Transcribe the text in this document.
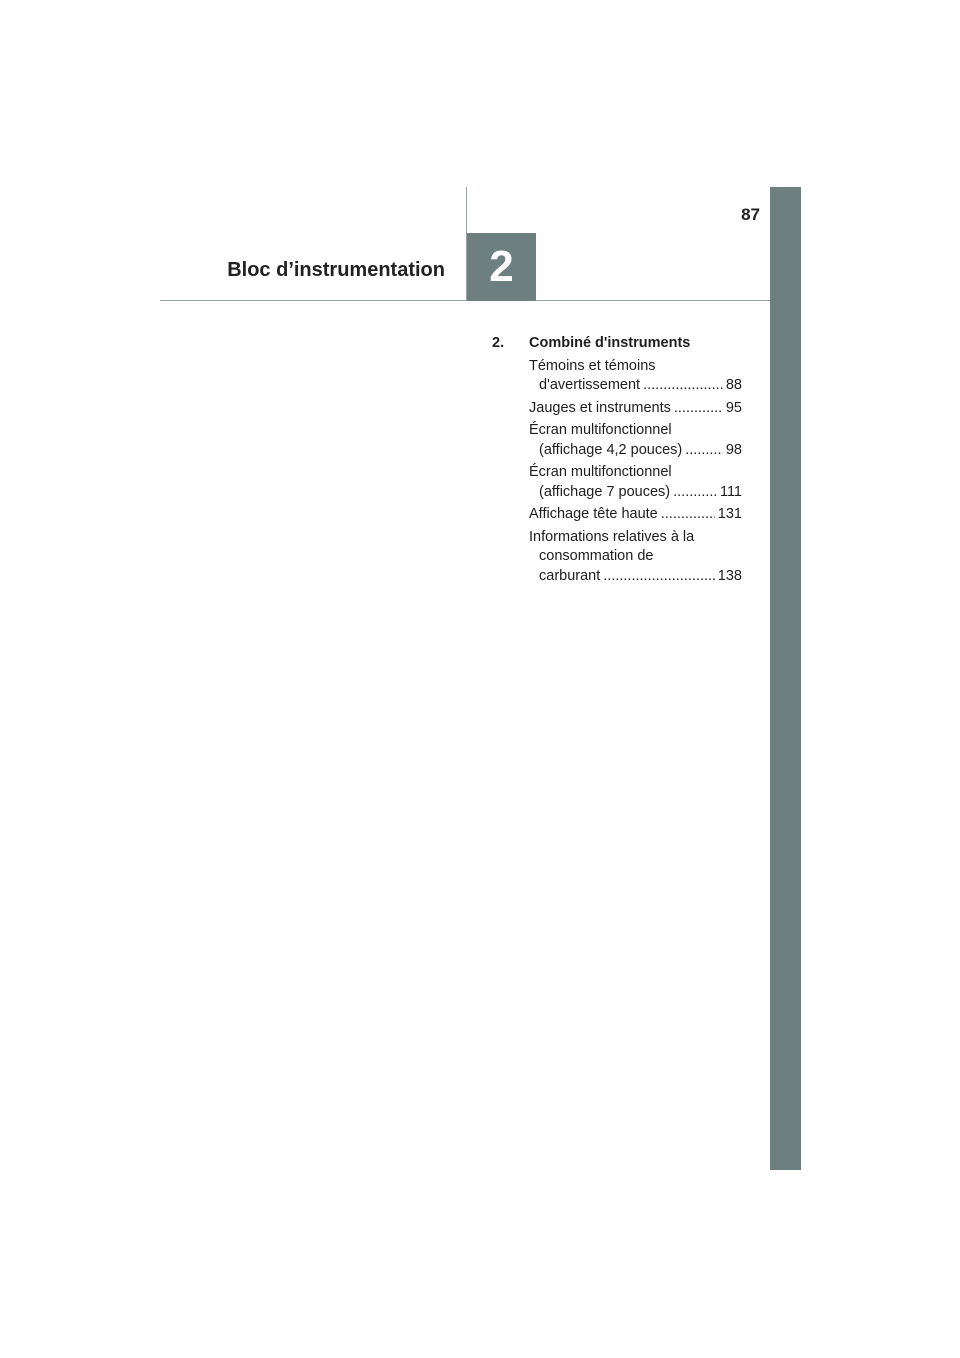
87
Bloc d’instrumentation	2
2.	Combiné d'instruments
Témoins et témoins
d'avertissement .....	88
Jauges et instruments .....	95
Écran multifonctionnel
(affichage 4,2 pouces) .....	98
Écran multifonctionnel
(affichage 7 pouces) .....	111
Affichage tête haute .....	131
Informations relatives à la
consommation de
carburant .....	138
